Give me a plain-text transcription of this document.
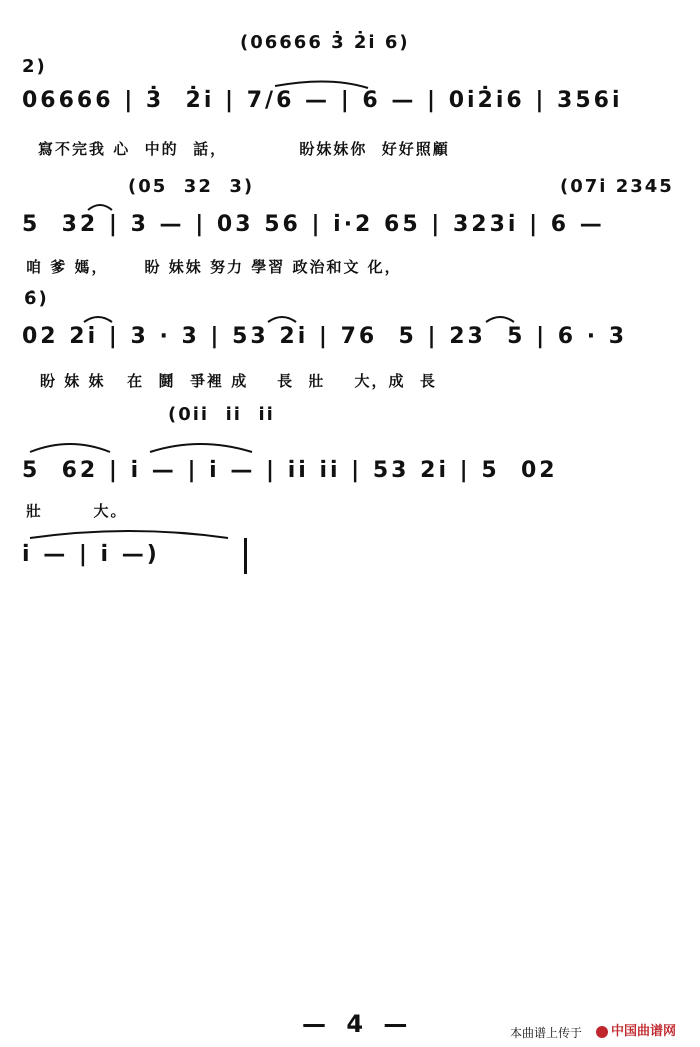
(06666 3̇ 2̇i̇ 6)
2)
06666 | 3̇  2̇i̇ | 7/6 — | 6 — | 0i̇2̇i̇6 | 356i̇
寫不完我 心  中的  話，          盼妹妹你  好好照顧
(05  32  3)	(07i̇ 2345
5  32 | 3 — | 03 56 | i̇·2 65 | 323i̇ | 6 —
咱 爹 媽，     盼 妹妹 努力 學習 政治和文 化，
6̇)
02 2i | 3 · 3 | 53 2i | 76  5 | 23  5 | 6 · 3
盼 妹 妹   在  鬪  爭裡 成    長  壯    大，成  長
(0i̇i̇  i̇i̇  i̇i̇
5  62 | i̇ — | i̇ — | i̇i̇ i̇i̇ | 53 2i̇ | 5  02
壯       大。
i̇ — | i̇ —)
— 4 —	本曲谱上传于	中国曲谱网
